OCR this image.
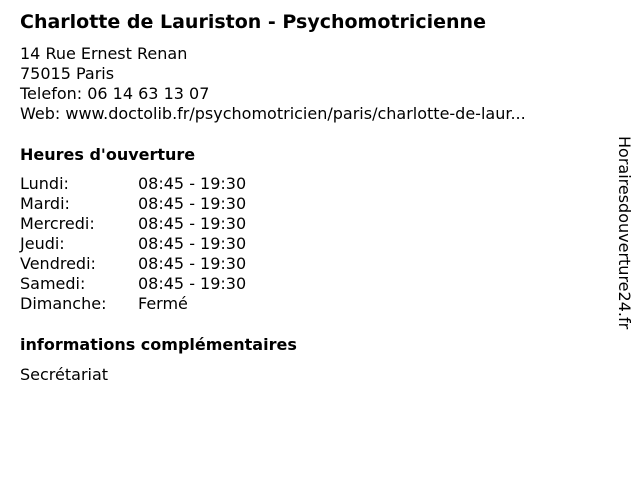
Charlotte de Lauriston - Psychomotricienne
14 Rue Ernest Renan
75015 Paris
Telefon: 06 14 63 13 07
Web: www.doctolib.fr/psychomotricien/paris/charlotte-de-laur...
Heures d'ouverture
Lundi:	08:45 - 19:30
Mardi:	08:45 - 19:30
Mercredi:	08:45 - 19:30
Jeudi:	08:45 - 19:30
Vendredi:	08:45 - 19:30
Samedi:	08:45 - 19:30
Dimanche:	Fermé
informations complémentaires
Secrétariat
Horairesdouverture24.fr
